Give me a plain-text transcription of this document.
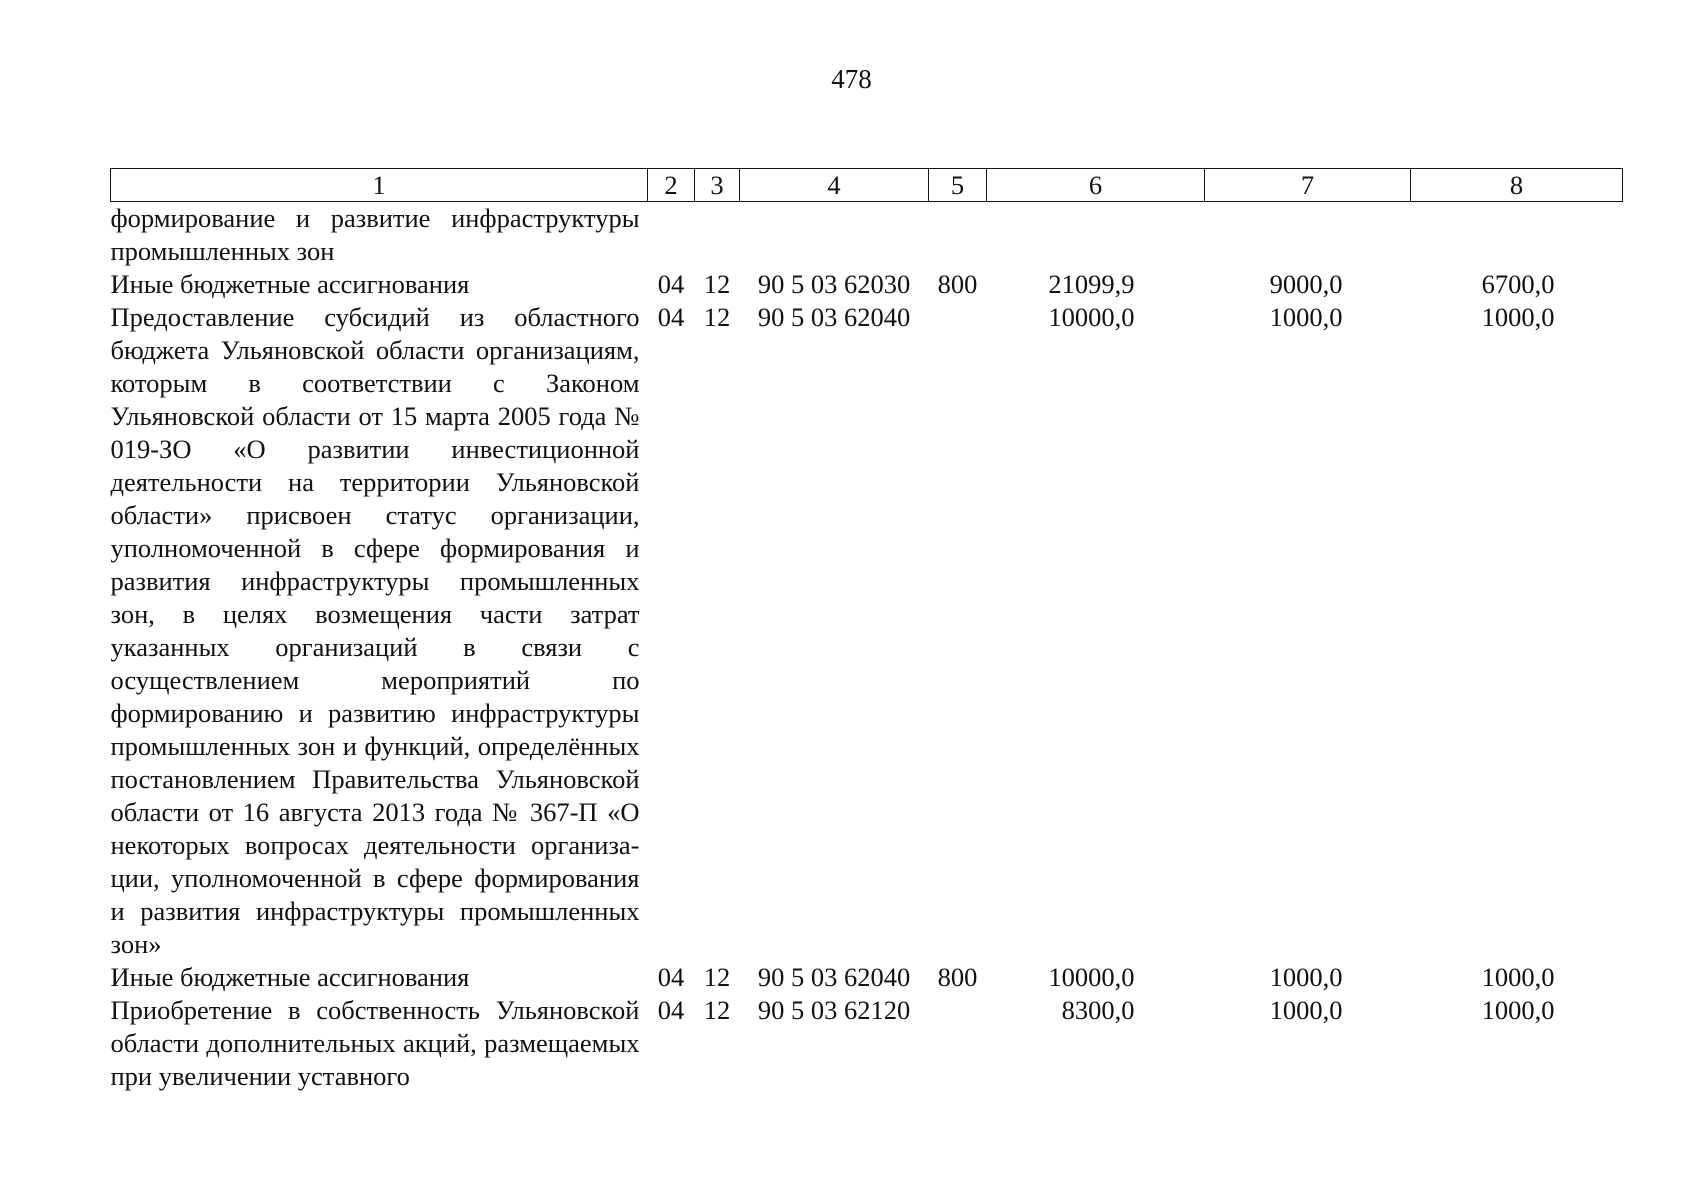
478
1	2	3	4	5	6	7	8
формирование и развитие инфраструктуры промышленных зон							
Иные бюджетные ассигнования	04	12	90 5 03 62030	800	21099,9	9000,0	6700,0
Предоставление субсидий из областного бюджета Ульяновской области организациям, которым в соответствии с Законом Ульяновской области от 15 марта 2005 года № 019-ЗО «О развитии инвестиционной деятельности на территории Ульяновской области» присвоен статус организации, уполномоченной в сфере формирования и развития инфраструктуры промышленных зон, в целях возмещения части затрат указанных организаций в связи с осуществлением мероприятий по формированию и развитию инфраструктуры промышленных зон и функций, определённых постановлением Правительства Ульяновской области от 16 августа 2013 года № 367-П «О некоторых вопросах деятельности организации, уполномоченной в сфере формирования и развития инфраструктуры промышленных зон»	04	12	90 5 03 62040		10000,0	1000,0	1000,0
Иные бюджетные ассигнования	04	12	90 5 03 62040	800	10000,0	1000,0	1000,0
Приобретение в собственность Ульяновской области дополнительных акций, размещаемых при увеличении уставного	04	12	90 5 03 62120		8300,0	1000,0	1000,0
